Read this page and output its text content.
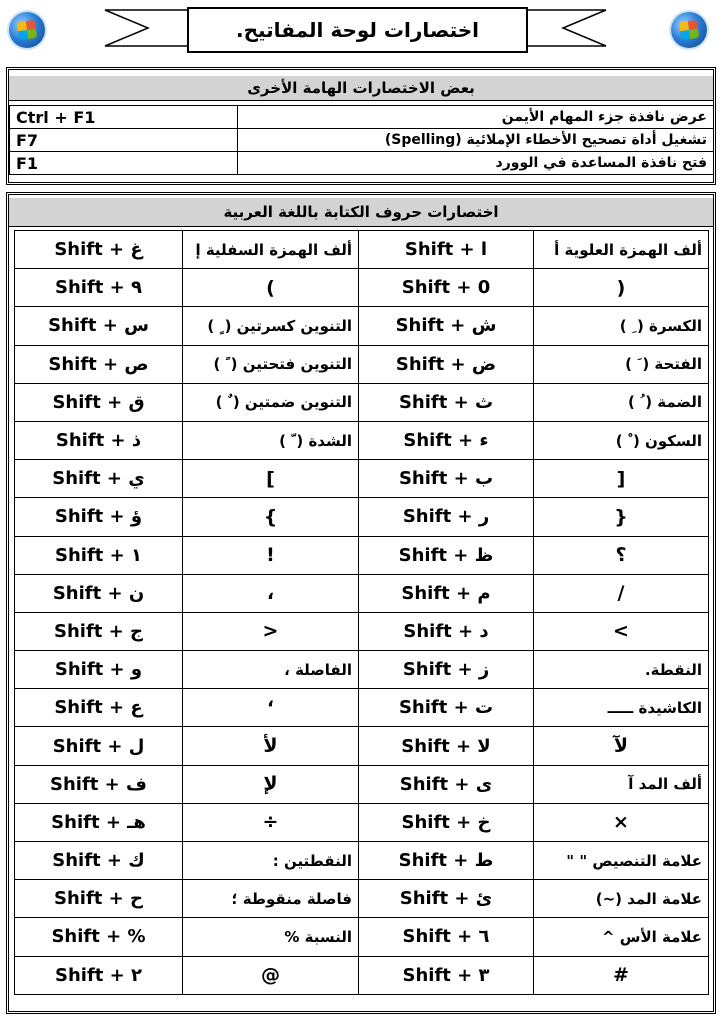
اختصارات لوحة المفاتيح.
بعض الاختصارات الهامة الأخرى
Ctrl + F1	عرض نافذة جزء المهام الأيمن
F7	تشغيل أداة تصحيح الأخطاء الإملائية (Spelling)
F1	فتح نافذة المساعدة في الوورد
اختصارات حروف الكتابة باللغة العربية
Shift + غ	ألف الهمزة السفلية إ	Shift + ا	ألف الهمزة العلوية أ
Shift + ٩	(	Shift + 0	)
Shift + س	التنوين كسرتين ( ٍ )	Shift + ش	الكسرة ( ِ )
Shift + ص	التنوين فتحتين ( ً )	Shift + ض	الفتحة ( َ )
Shift + ق	التنوين ضمتين ( ٌ )	Shift + ث	الضمة ( ُ )
Shift + ذ	الشدة ( ّ )	Shift + ء	السكون ( ْ )
Shift + ي	[	Shift + ب	]
Shift + ؤ	{	Shift + ر	}
Shift + ١	!	Shift + ظ	؟
Shift + ن	،	Shift + م	/
Shift + ج	>	Shift + د	<
Shift + و	الفاصلة ،	Shift + ز	النقطة.
Shift + ع	‘	Shift + ت	الكاشيدة ـــــ
Shift + ل	لأ	Shift + لا	لآ
Shift + ف	لإ	Shift + ى	ألف المد آ
Shift + هـ	÷	Shift + خ	×
Shift + ك	النقطتين :	Shift + ط	علامة التنصيص " "
Shift + ح	فاصلة منقوطة ؛	Shift + ئ	علامة المد (~)
Shift + %	النسبة %	Shift + ٦	علامة الأس ^
Shift + ٢	@	Shift + ٣	#
